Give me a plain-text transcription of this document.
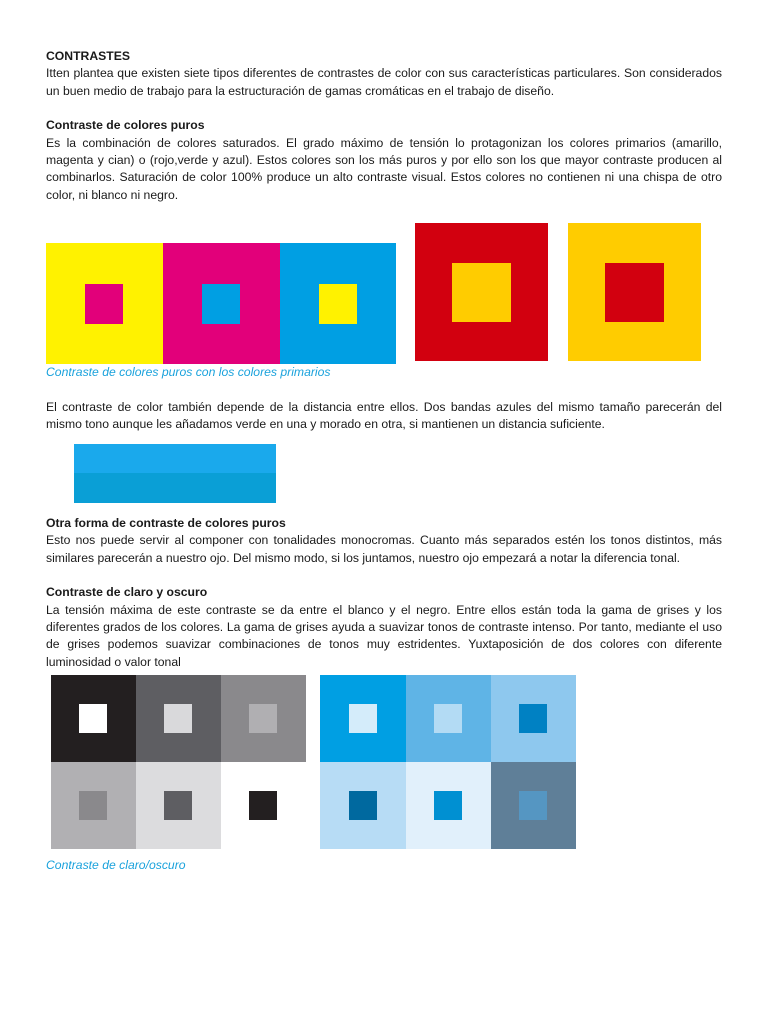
CONTRASTES

Itten plantea que existen siete tipos diferentes de contrastes de color con sus características particulares. Son considerados un buen medio de trabajo para la estructuración de gamas cromáticas en el trabajo de diseño.

Contraste de colores puros

Es la combinación de colores saturados. El grado máximo de tensión lo protagonizan los colores primarios (amarillo, magenta y cian) o (rojo,verde y azul). Estos colores son los más puros y por ello son los que mayor contraste producen al combinarlos. Saturación de color 100% produce un alto contraste visual. Estos colores no contienen ni una chispa de otro color, ni blanco ni negro.

Contraste de colores puros con los colores primarios

El contraste de color también depende de la distancia entre ellos. Dos bandas azules del mismo tamaño parecerán del mismo tono aunque les añadamos verde en una y morado en otra, si mantienen un distancia suficiente.

Otra forma de contraste de colores puros

Esto nos puede servir al componer con tonalidades monocromas. Cuanto más separados estén los tonos distintos, más similares parecerán a nuestro ojo. Del mismo modo, si los juntamos, nuestro ojo empezará a notar la diferencia tonal.

Contraste de claro y oscuro

La tensión máxima de este contraste se da entre el blanco y el negro. Entre ellos están toda la gama de grises y los diferentes grados de los colores. La gama de grises ayuda a suavizar tonos de contraste intenso. Por tanto, mediante el uso de grises podemos suavizar combinaciones de tonos muy estridentes. Yuxtaposición de dos colores con diferente luminosidad o valor tonal

Contraste de claro/oscuro
